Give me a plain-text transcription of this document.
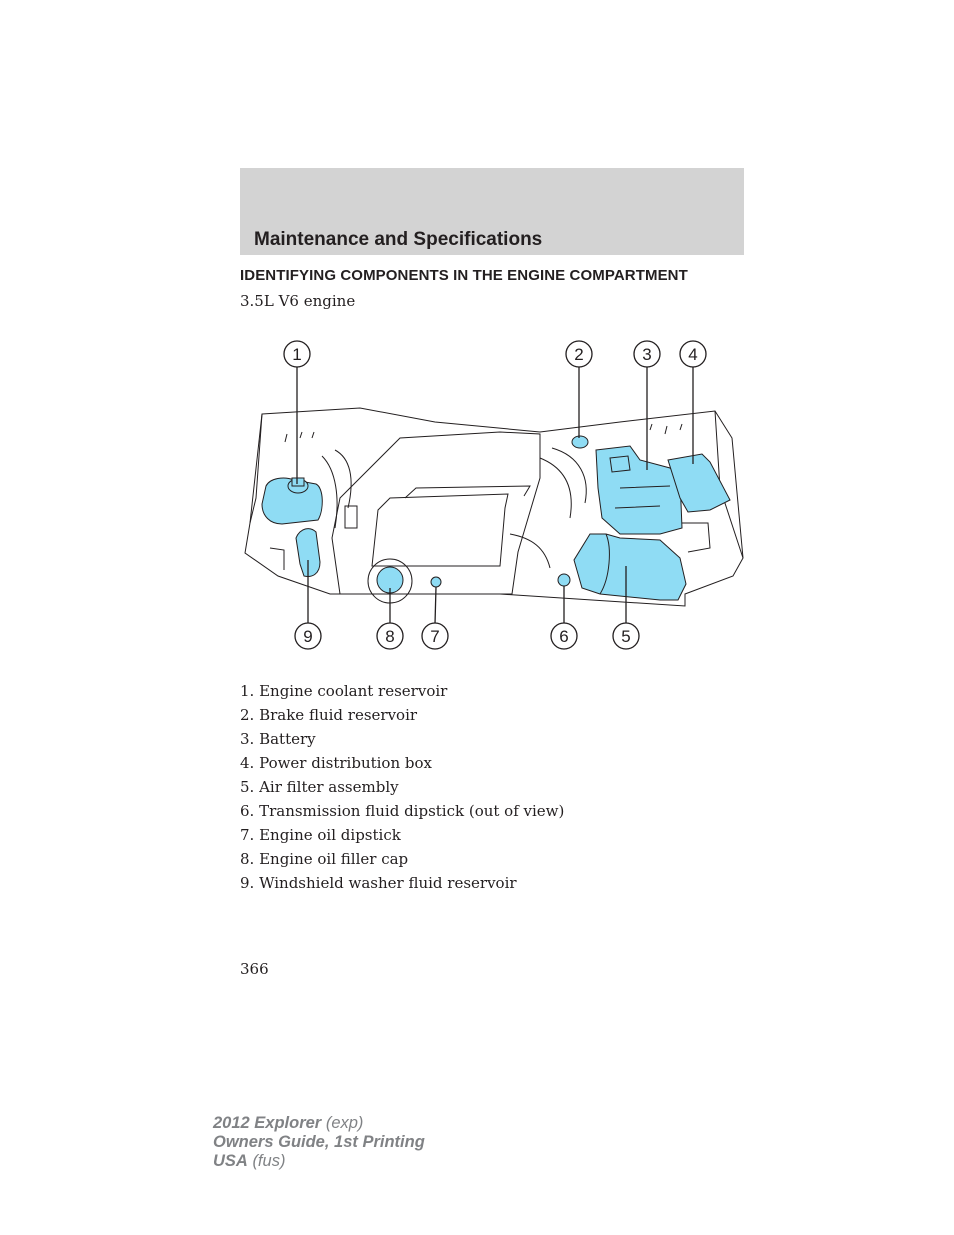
Maintenance and Specifications
IDENTIFYING COMPONENTS IN THE ENGINE COMPARTMENT
3.5L V6 engine
1	2	3 4
5
6
7
8
9
1. Engine coolant reservoir
2. Brake fluid reservoir
3. Battery
4. Power distribution box
5. Air filter assembly
6. Transmission fluid dipstick (out of view)
7. Engine oil dipstick
8. Engine oil filler cap
9. Windshield washer fluid reservoir
366
2012 Explorer (exp)
Owners Guide, 1st Printing
USA (fus)
